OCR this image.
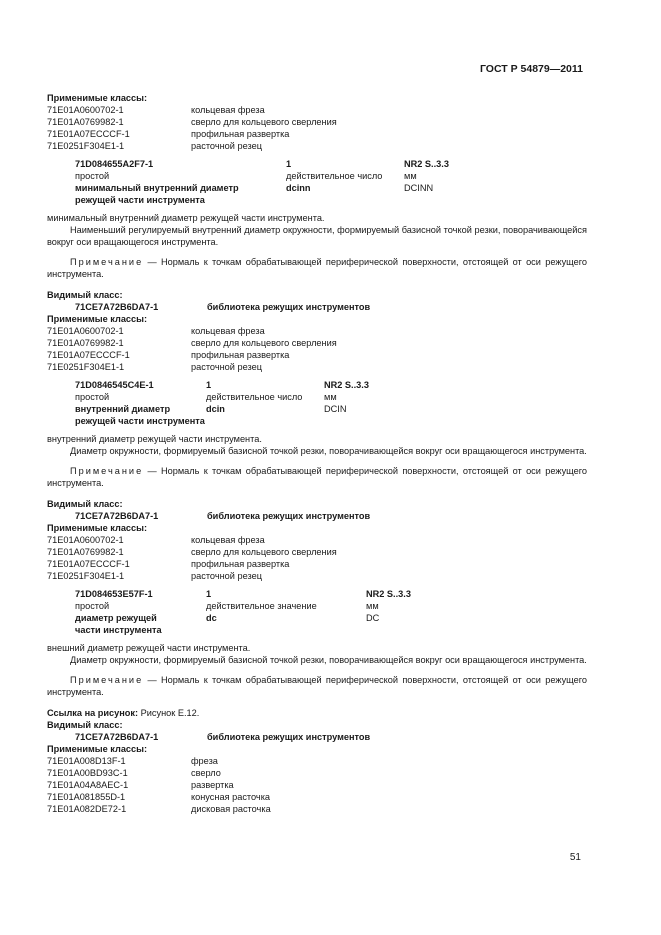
ГОСТ Р 54879—2011
Применимые классы:
71E01A0600702-1	кольцевая фреза
71E01A0769982-1	сверло для кольцевого сверления
71E01A07ECCCF-1	профильная развертка
71E0251F304E1-1	расточной резец
71D084655A2F7-1	1	NR2 S..3.3
простой	действительное число	мм
минимальный внутренний диаметр	dcinn	DCINN
режущей части инструмента

минимальный внутренний диаметр режущей части инструмента.

Наименьший регулируемый внутренний диаметр окружности, формируемый базисной точкой резки, поворачивающейся вокруг оси вращающегося инструмента.

Примечание — Нормаль к точкам обрабатывающей периферической поверхности, отстоящей от оси режущего инструмента.

Видимый класс:
71CE7A72B6DA7-1	библиотека режущих инструментов
Применимые классы:
71E01A0600702-1	кольцевая фреза
71E01A0769982-1	сверло для кольцевого сверления
71E01A07ECCCF-1	профильная развертка
71E0251F304E1-1	расточной резец
71D0846545C4E-1	1	NR2 S..3.3
простой	действительное число	мм
внутренний диаметр	dcin	DCIN
режущей части инструмента

внутренний диаметр режущей части инструмента.

Диаметр окружности, формируемый базисной точкой резки, поворачивающейся вокруг оси вращающегося инструмента.

Примечание — Нормаль к точкам обрабатывающей периферической поверхности, отстоящей от оси режущего инструмента.

Видимый класс:
71CE7A72B6DA7-1	библиотека режущих инструментов
Применимые классы:
71E01A0600702-1	кольцевая фреза
71E01A0769982-1	сверло для кольцевого сверления
71E01A07ECCCF-1	профильная развертка
71E0251F304E1-1	расточной резец
71D084653E57F-1	1	NR2 S..3.3
простой	действительное значение	мм
диаметр режущей	dc	DC
части инструмента

внешний диаметр режущей части инструмента.

Диаметр окружности, формируемый базисной точкой резки, поворачивающейся вокруг оси вращающегося инструмента.

Примечание — Нормаль к точкам обрабатывающей периферической поверхности, отстоящей от оси режущего инструмента.

Ссылка на рисунок: Рисунок Е.12.
Видимый класс:
71CE7A72B6DA7-1	библиотека режущих инструментов
Применимые классы:
71E01A008D13F-1	фреза
71E01A00BD93C-1	сверло
71E01A04A8AEC-1	развертка
71E01A081855D-1	конусная расточка
71E01A082DE72-1	дисковая расточка
51
